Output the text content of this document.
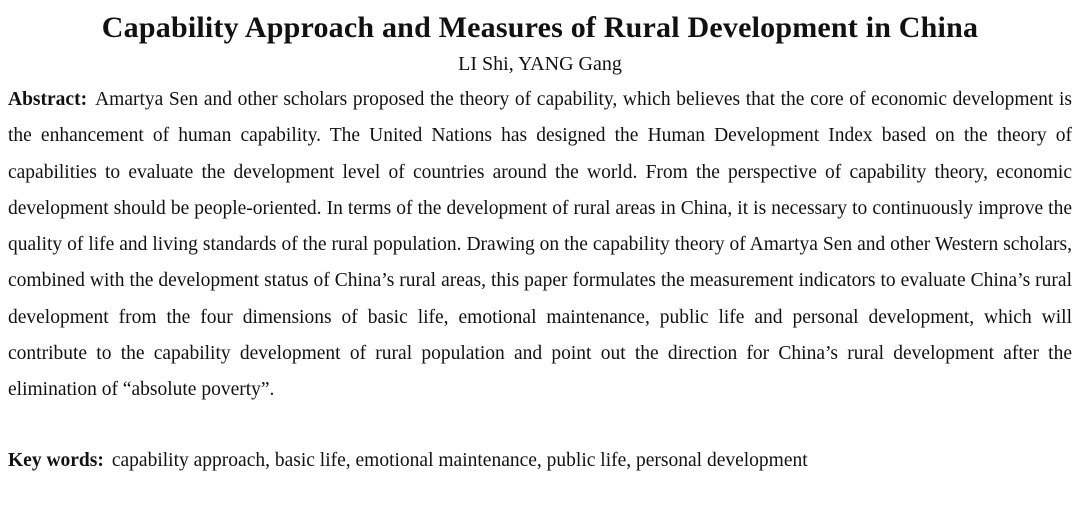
Capability Approach and Measures of Rural Development in China
LI Shi, YANG Gang

Abstract: Amartya Sen and other scholars proposed the theory of capability, which believes that the core of economic development is the enhancement of human capability. The United Nations has designed the Human Development Index based on the theory of capabilities to evaluate the development level of countries around the world. From the perspective of capability theory, economic development should be people-oriented. In terms of the development of rural areas in China, it is necessary to continuously improve the quality of life and living standards of the rural population. Drawing on the capability theory of Amartya Sen and other Western scholars, combined with the development status of China’s rural areas, this paper formulates the measurement indicators to evaluate China’s rural development from the four dimensions of basic life, emotional maintenance, public life and personal development, which will contribute to the capability development of rural population and point out the direction for China’s rural development after the elimination of “absolute poverty”.

Key words: capability approach, basic life, emotional maintenance, public life, personal development
